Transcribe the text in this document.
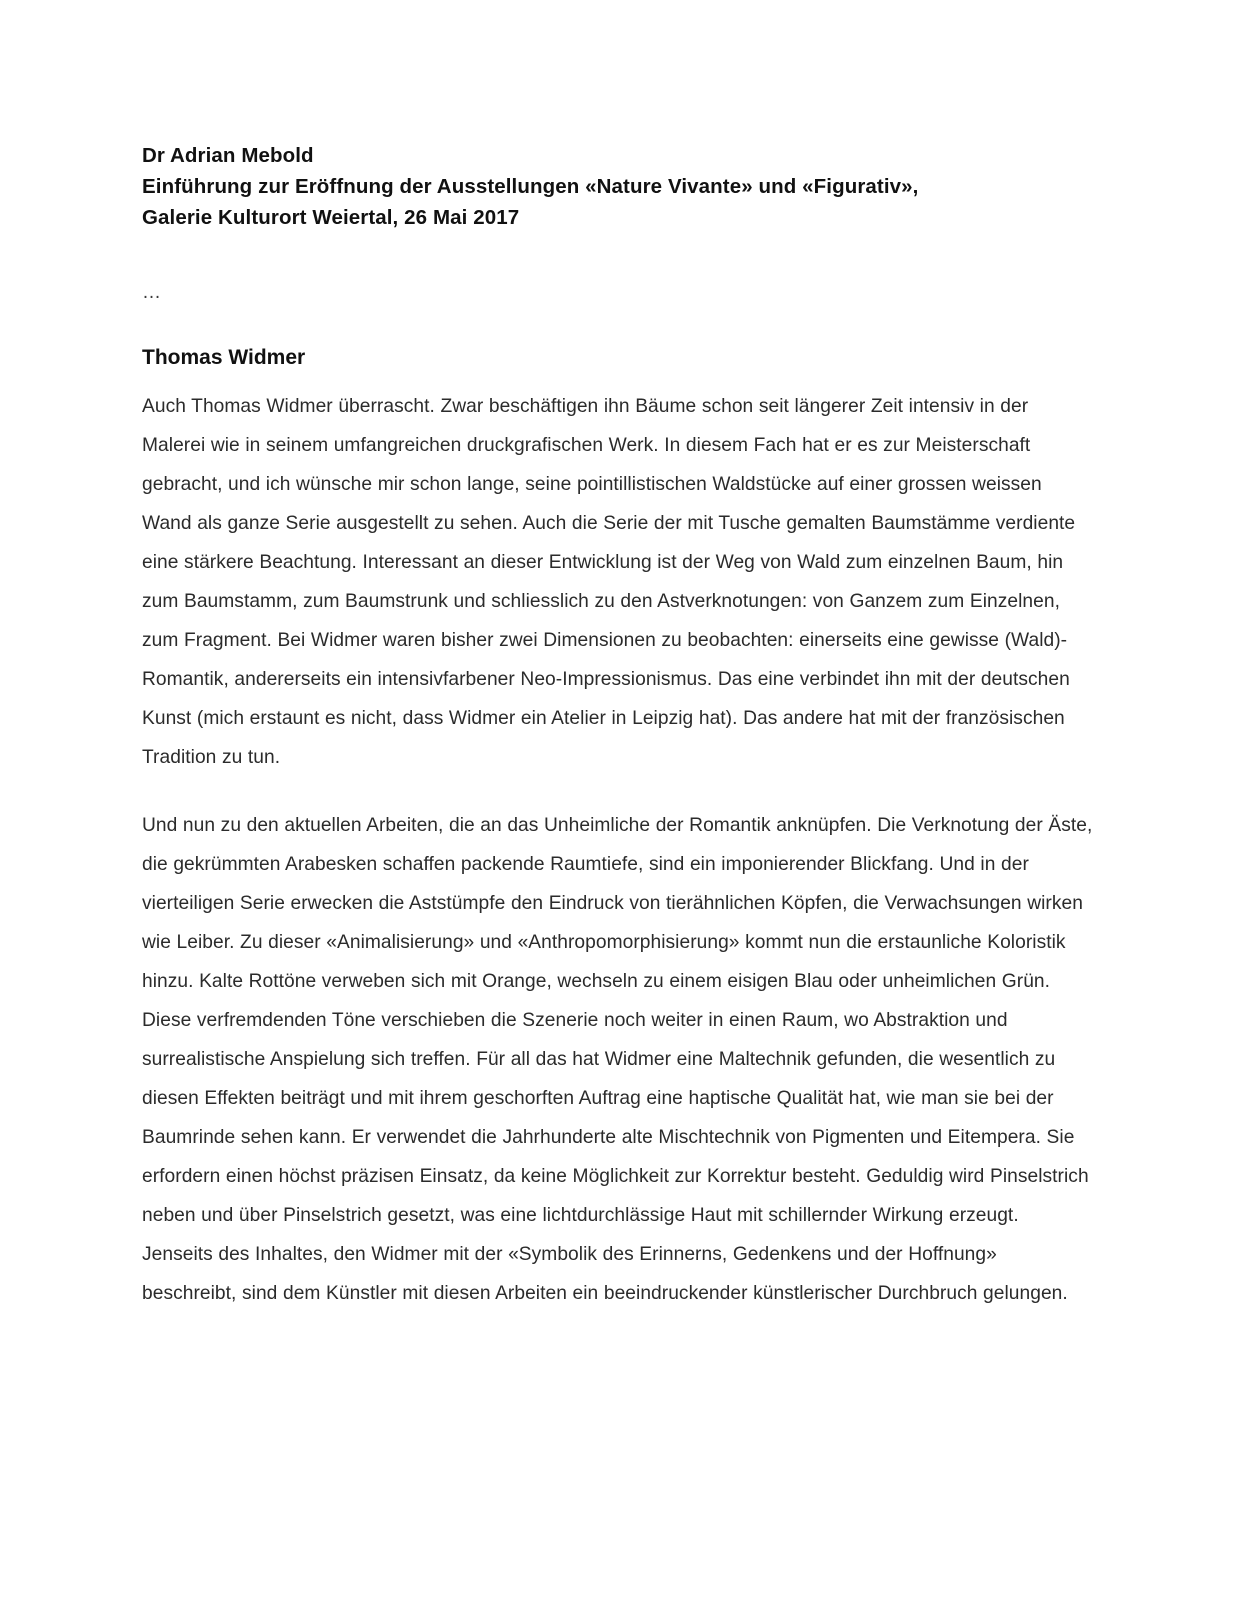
Dr Adrian Mebold
Einführung zur Eröffnung der Ausstellungen «Nature Vivante» und «Figurativ»,
Galerie Kulturort Weiertal, 26 Mai 2017
…
Thomas Widmer

Auch Thomas Widmer überrascht. Zwar beschäftigen ihn Bäume schon seit längerer Zeit intensiv in der Malerei wie in seinem umfangreichen druckgrafischen Werk. In diesem Fach hat er es zur Meisterschaft gebracht, und ich wünsche mir schon lange, seine pointillistischen Waldstücke auf einer grossen weissen Wand als ganze Serie ausgestellt zu sehen. Auch die Serie der mit Tusche gemalten Baumstämme verdiente eine stärkere Beachtung. Interessant an dieser Entwicklung ist der Weg von Wald zum einzelnen Baum, hin zum Baumstamm, zum Baumstrunk und schliesslich zu den Astverknotungen: von Ganzem zum Einzelnen, zum Fragment. Bei Widmer waren bisher zwei Dimensionen zu beobachten: einerseits eine gewisse (Wald)-Romantik, andererseits ein intensivfarbener Neo-Impressionismus. Das eine verbindet ihn mit der deutschen Kunst (mich erstaunt es nicht, dass Widmer ein Atelier in Leipzig hat). Das andere hat mit der französischen Tradition zu tun.

Und nun zu den aktuellen Arbeiten, die an das Unheimliche der Romantik anknüpfen. Die Verknotung der Äste, die gekrümmten Arabesken schaffen packende Raumtiefe, sind ein imponierender Blickfang. Und in der vierteiligen Serie erwecken die Aststümpfe den Eindruck von tierähnlichen Köpfen, die Verwachsungen wirken wie Leiber. Zu dieser «Animalisierung» und «Anthropomorphisierung» kommt nun die erstaunliche Koloristik hinzu. Kalte Rottöne verweben sich mit Orange, wechseln zu einem eisigen Blau oder unheimlichen Grün. Diese verfremdenden Töne verschieben die Szenerie noch weiter in einen Raum, wo Abstraktion und surrealistische Anspielung sich treffen. Für all das hat Widmer eine Maltechnik gefunden, die wesentlich zu diesen Effekten beiträgt und mit ihrem geschorften Auftrag eine haptische Qualität hat, wie man sie bei der Baumrinde sehen kann. Er verwendet die Jahrhunderte alte Mischtechnik von Pigmenten und Eitempera. Sie erfordern einen höchst präzisen Einsatz, da keine Möglichkeit zur Korrektur besteht. Geduldig wird Pinselstrich neben und über Pinselstrich gesetzt, was eine lichtdurchlässige Haut mit schillernder Wirkung erzeugt. Jenseits des Inhaltes, den Widmer mit der «Symbolik des Erinnerns, Gedenkens und der Hoffnung» beschreibt, sind dem Künstler mit diesen Arbeiten ein beeindruckender künstlerischer Durchbruch gelungen.
